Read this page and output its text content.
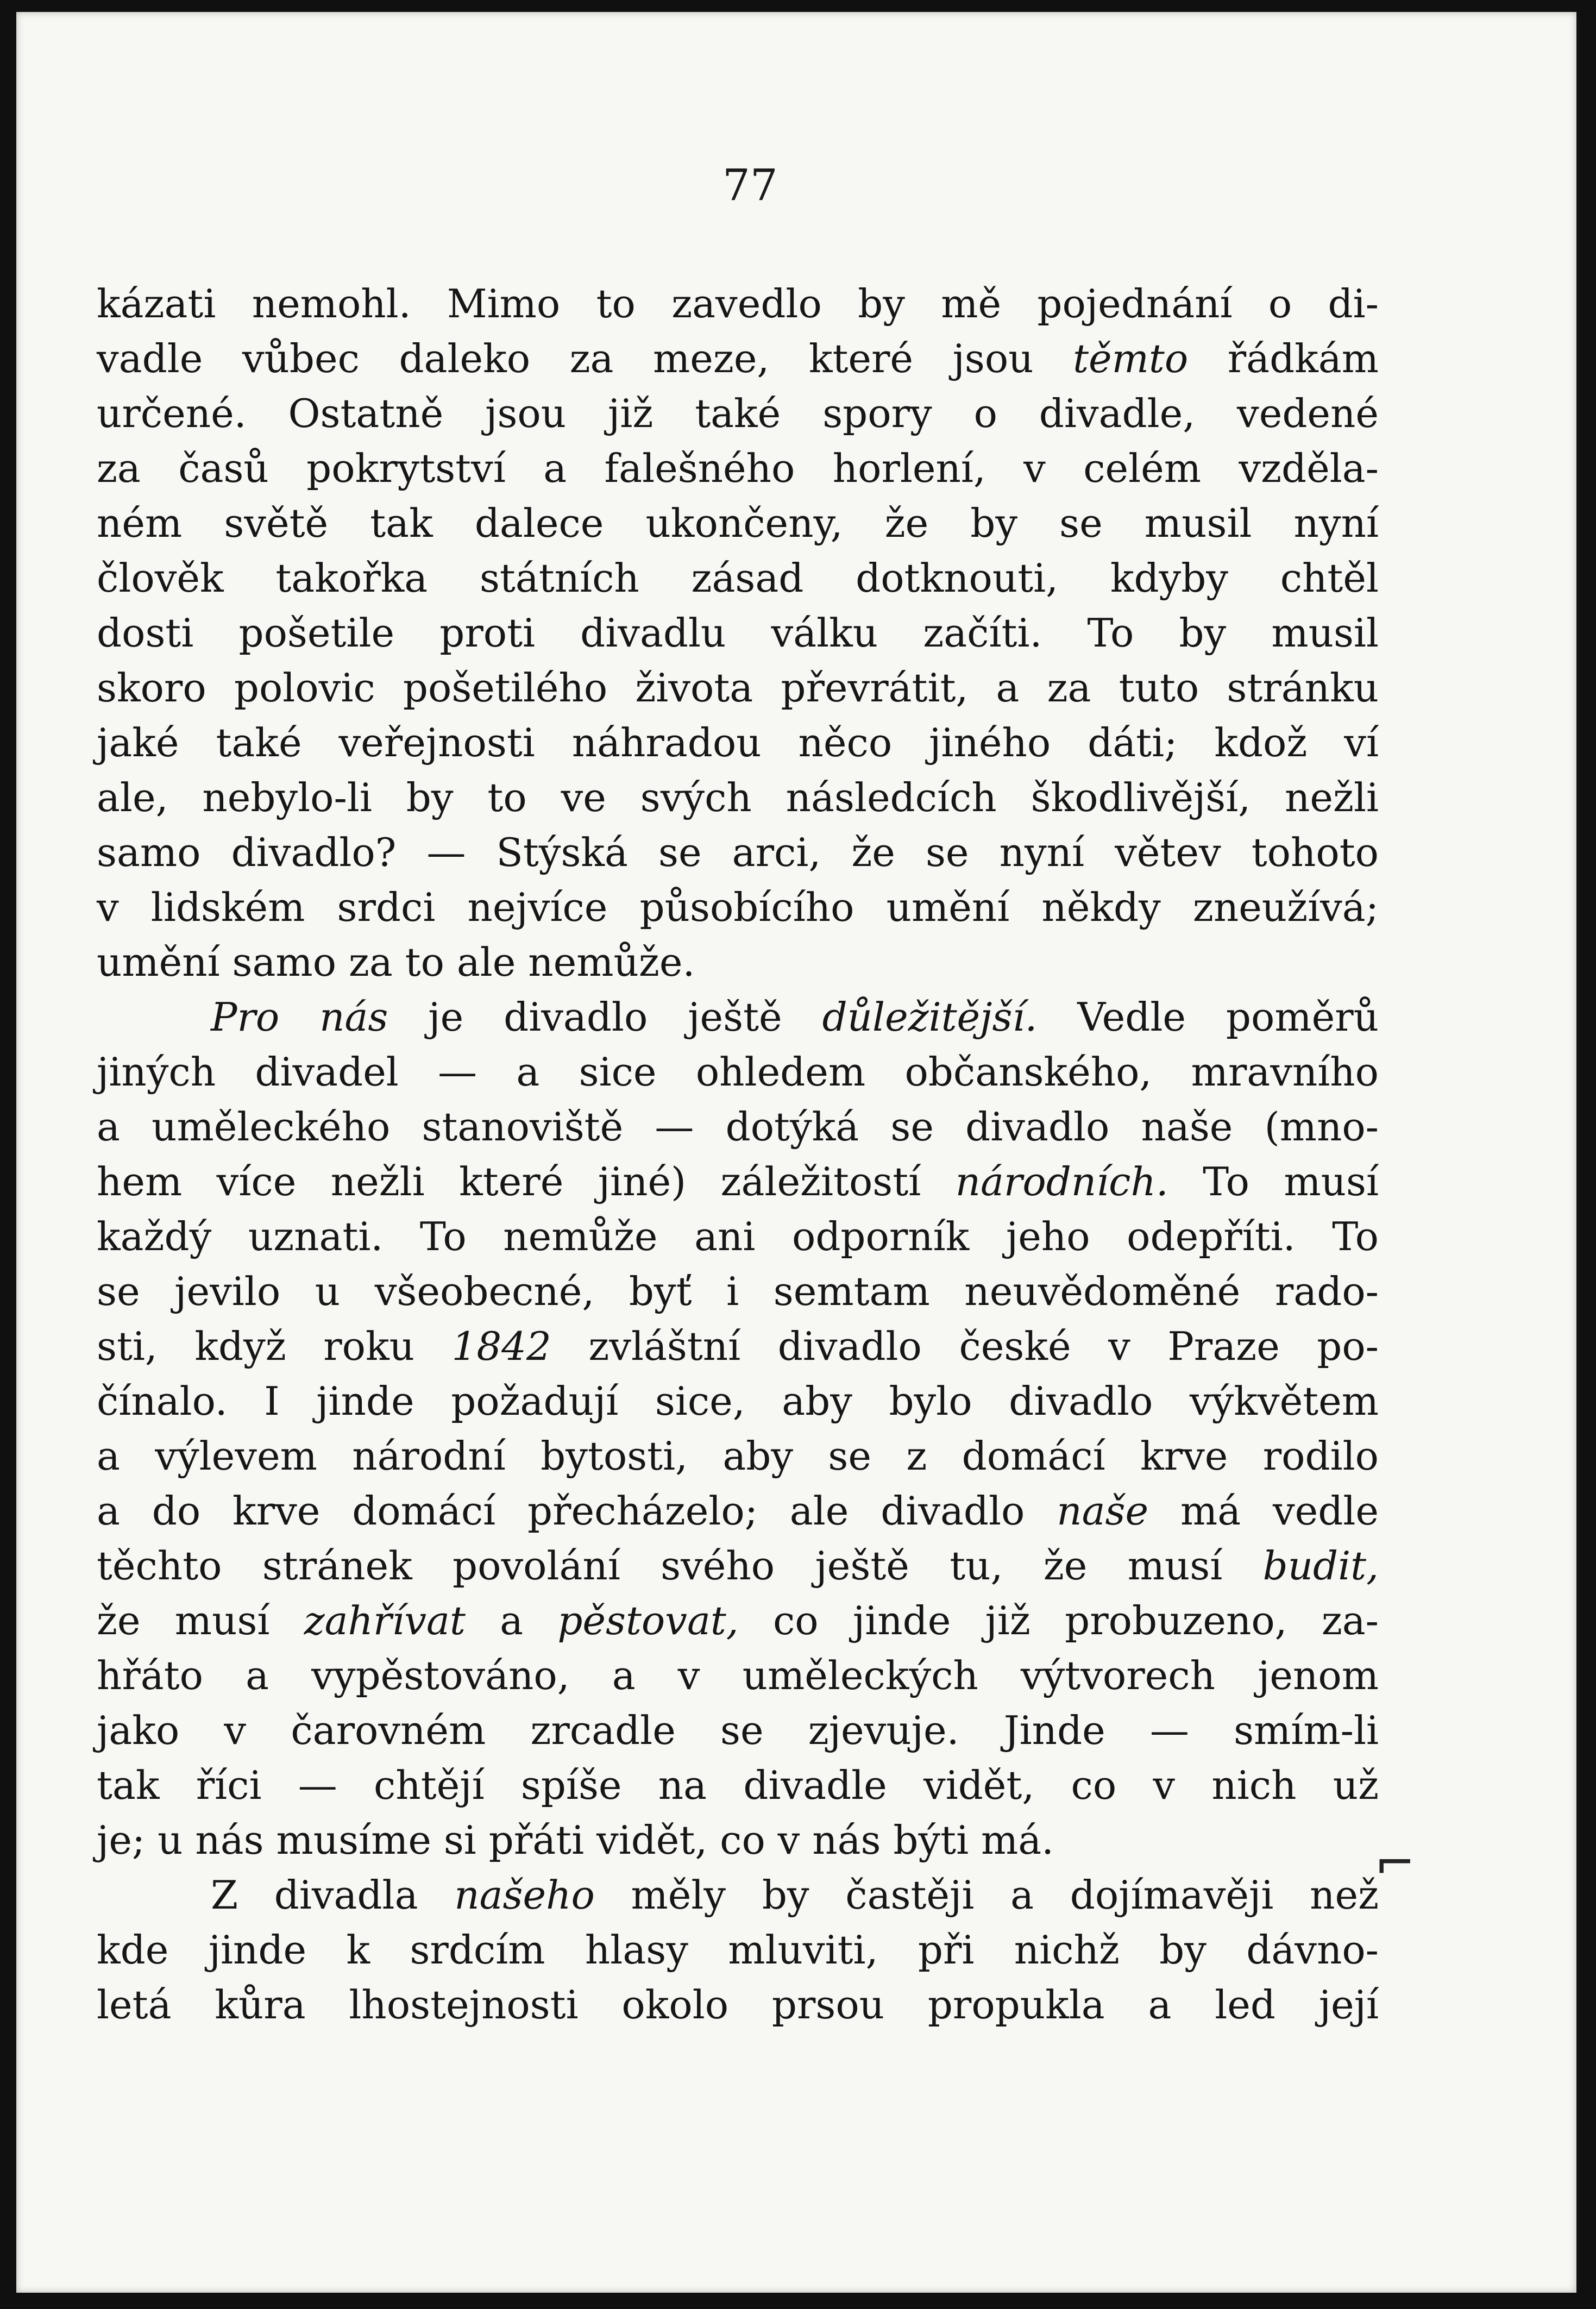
77
kázati nemohl. Mimo to zavedlo by mě pojednání o di-
vadle vůbec daleko za meze, které jsou těmto řádkám
určené. Ostatně jsou již také spory o divadle, vedené
za časů pokrytství a falešného horlení, v celém vzděla-
ném světě tak dalece ukončeny, že by se musil nyní
člověk takořka státních zásad dotknouti, kdyby chtěl
dosti pošetile proti divadlu válku začíti. To by musil
skoro polovic pošetilého života převrátit, a za tuto stránku
jaké také veřejnosti náhradou něco jiného dáti; kdož ví
ale, nebylo-li by to ve svých následcích škodlivější, nežli
samo divadlo? — Stýská se arci, že se nyní větev tohoto
v lidském srdci nejvíce působícího umění někdy zneužívá;
umění samo za to ale nemůže.
Pro nás je divadlo ještě důležitější. Vedle poměrů
jiných divadel — a sice ohledem občanského, mravního
a uměleckého stanoviště — dotýká se divadlo naše (mno-
hem více nežli které jiné) záležitostí národních. To musí
každý uznati. To nemůže ani odporník jeho odepříti. To
se jevilo u všeobecné, byť i semtam neuvědoměné rado-
sti, když roku 1842 zvláštní divadlo české v Praze po-
čínalo. I jinde požadují sice, aby bylo divadlo výkvětem
a výlevem národní bytosti, aby se z domácí krve rodilo
a do krve domácí přecházelo; ale divadlo naše má vedle
těchto stránek povolání svého ještě tu, že musí budit,
že musí zahřívat a pěstovat, co jinde již probuzeno, za-
hřáto a vypěstováno, a v uměleckých výtvorech jenom
jako v čarovném zrcadle se zjevuje. Jinde — smím-li
tak říci — chtějí spíše na divadle vidět, co v nich už
je; u nás musíme si přáti vidět, co v nás býti má.
Z divadla našeho měly by častěji a dojímavěji než
kde jinde k srdcím hlasy mluviti, při nichž by dávno-
letá kůra lhostejnosti okolo prsou propukla a led její
⌐
